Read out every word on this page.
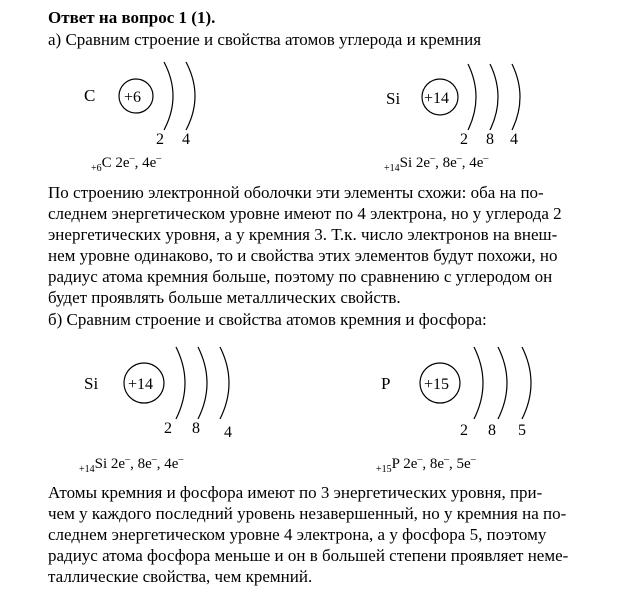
Ответ на вопрос 1 (1).
а) Сравним строение и свойства атомов углерода и кремния
C +6
2 4
$_{+6}$C 2e–, 4e–
Si +14
2 8 4
$_{+14}$Si 2e–, 8e–, 4e–
По строению электронной оболочки эти элементы схожи: оба на по-
следнем энергетическом уровне имеют по 4 электрона, но у углерода 2
энергетических уровня, а у кремния 3. Т.к. число электронов на внеш-
нем уровне одинаково, то и свойства этих элементов будут похожи, но
радиус атома кремния больше, поэтому по сравнению с углеродом он
будет проявлять больше металлических свойств.
б) Сравним строение и свойства атомов кремния и фосфора:
Si +14
2 8 4
$_{+14}$Si 2e–, 8e–, 4e–
P +15
2 8 5
$_{+15}$P 2e–, 8e–, 5e–
Атомы кремния и фосфора имеют по 3 энергетических уровня, при-
чем у каждого последний уровень незавершенный, но у кремния на по-
следнем энергетическом уровне 4 электрона, а у фосфора 5, поэтому
радиус атома фосфора меньше и он в большей степени проявляет неме-
таллические свойства, чем кремний.
